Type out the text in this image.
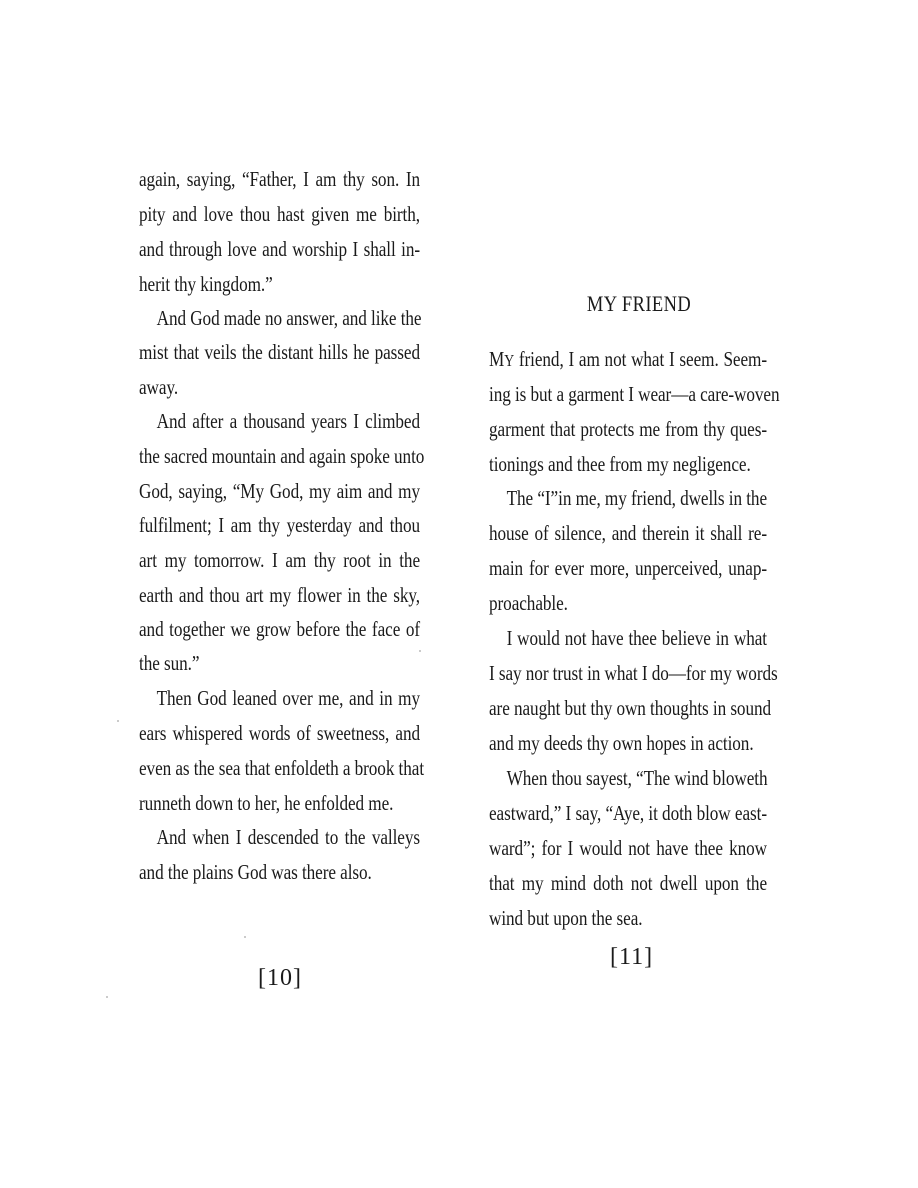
again, saying, “Father, I am thy son. In
pity and love thou hast given me birth,
and through love and worship I shall in-
herit thy kingdom.”
And God made no answer, and like the
mist that veils the distant hills he passed
away.
And after a thousand years I climbed
the sacred mountain and again spoke unto
God, saying, “My God, my aim and my
fulfilment; I am thy yesterday and thou
art my tomorrow. I am thy root in the
earth and thou art my flower in the sky,
and together we grow before the face of
the sun.”
Then God leaned over me, and in my
ears whispered words of sweetness, and
even as the sea that enfoldeth a brook that
runneth down to her, he enfolded me.
And when I descended to the valleys
and the plains God was there also.
[10]
MY FRIEND
MY friend, I am not what I seem. Seem-
ing is but a garment I wear—a care-woven
garment that protects me from thy ques-
tionings and thee from my negligence.
The “I”in me, my friend, dwells in the
house of silence, and therein it shall re-
main for ever more, unperceived, unap-
proachable.
I would not have thee believe in what
I say nor trust in what I do—for my words
are naught but thy own thoughts in sound
and my deeds thy own hopes in action.
When thou sayest, “The wind bloweth
eastward,” I say, “Aye, it doth blow east-
ward”; for I would not have thee know
that my mind doth not dwell upon the
wind but upon the sea.
[11]
